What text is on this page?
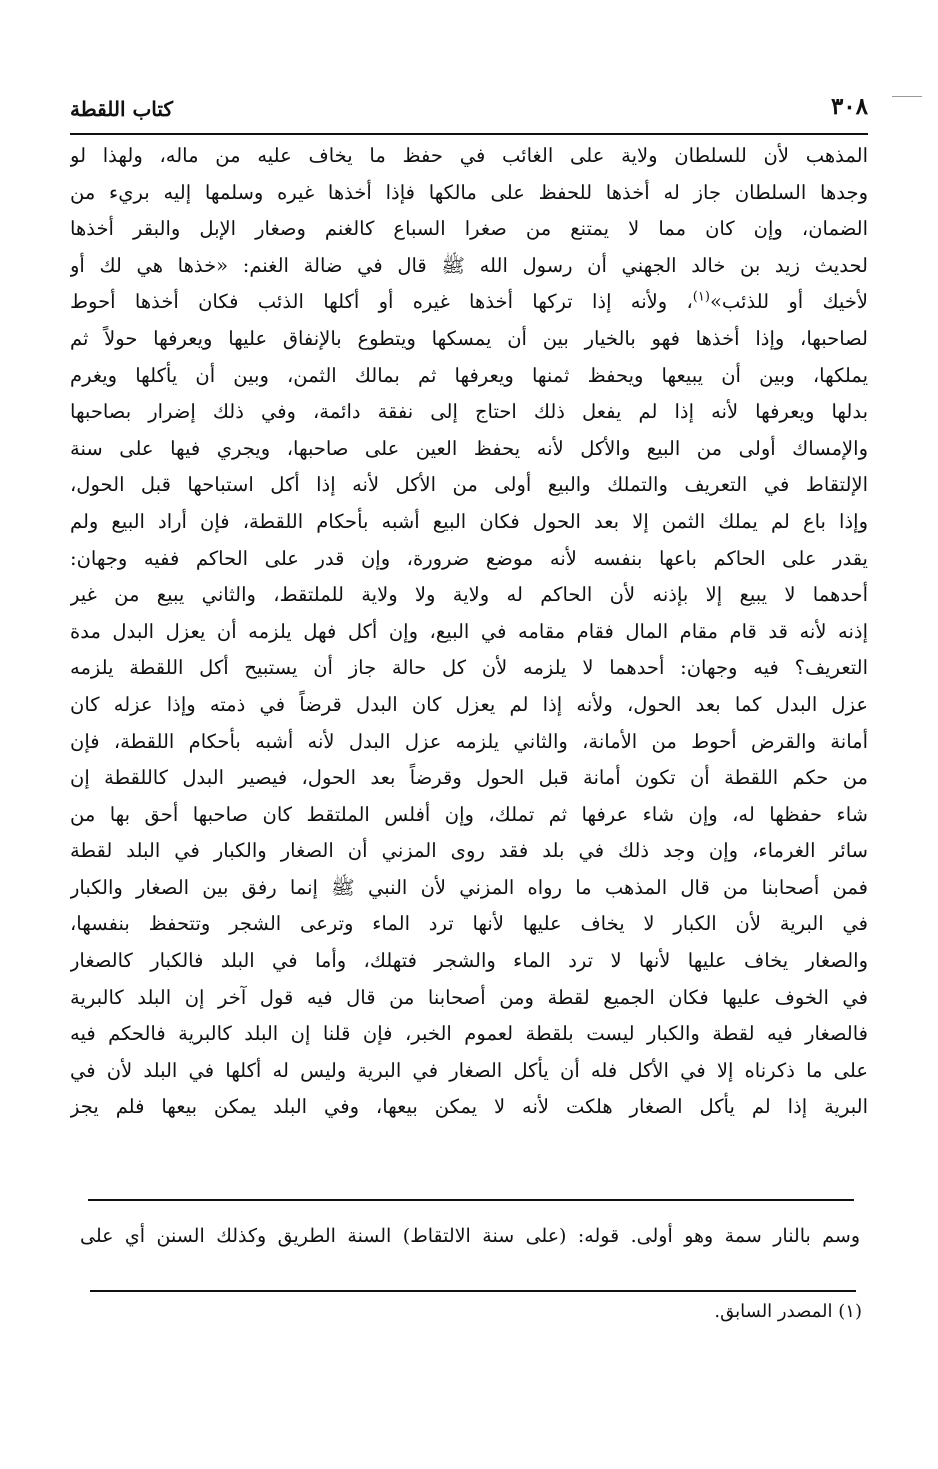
٣٠٨
كتاب اللقطة
المذهب لأن للسلطان ولاية على الغائب في حفظ ما يخاف عليه من ماله، ولهذا لو
وجدها السلطان جاز له أخذها للحفظ على مالكها فإذا أخذها غيره وسلمها إليه بريء من
الضمان، وإن كان مما لا يمتنع من صغرا السباع كالغنم وصغار الإبل والبقر أخذها
لحديث زيد بن خالد الجهني أن رسول الله ﷺ قال في ضالة الغنم: «خذها هي لك أو
لأخيك أو للذئب»$^{(١)}$، ولأنه إذا تركها أخذها غيره أو أكلها الذئب فكان أخذها أحوط
لصاحبها، وإذا أخذها فهو بالخيار بين أن يمسكها ويتطوع بالإنفاق عليها ويعرفها حولاً ثم
يملكها، وبين أن يبيعها ويحفظ ثمنها ويعرفها ثم بمالك الثمن، وبين أن يأكلها ويغرم
بدلها ويعرفها لأنه إذا لم يفعل ذلك احتاج إلى نفقة دائمة، وفي ذلك إضرار بصاحبها
والإمساك أولى من البيع والأكل لأنه يحفظ العين على صاحبها، ويجري فيها على سنة
الإلتقاط في التعريف والتملك والبيع أولى من الأكل لأنه إذا أكل استباحها قبل الحول،
وإذا باع لم يملك الثمن إلا بعد الحول فكان البيع أشبه بأحكام اللقطة، فإن أراد البيع ولم
يقدر على الحاكم باعها بنفسه لأنه موضع ضرورة، وإن قدر على الحاكم ففيه وجهان:
أحدهما لا يبيع إلا بإذنه لأن الحاكم له ولاية ولا ولاية للملتقط، والثاني يبيع من غير
إذنه لأنه قد قام مقام المال فقام مقامه في البيع، وإن أكل فهل يلزمه أن يعزل البدل مدة
التعريف؟ فيه وجهان: أحدهما لا يلزمه لأن كل حالة جاز أن يستبيح أكل اللقطة يلزمه
عزل البدل كما بعد الحول، ولأنه إذا لم يعزل كان البدل قرضاً في ذمته وإذا عزله كان
أمانة والقرض أحوط من الأمانة، والثاني يلزمه عزل البدل لأنه أشبه بأحكام اللقطة، فإن
من حكم اللقطة أن تكون أمانة قبل الحول وقرضاً بعد الحول، فيصير البدل كاللقطة إن
شاء حفظها له، وإن شاء عرفها ثم تملك، وإن أفلس الملتقط كان صاحبها أحق بها من
سائر الغرماء، وإن وجد ذلك في بلد فقد روى المزني أن الصغار والكبار في البلد لقطة
فمن أصحابنا من قال المذهب ما رواه المزني لأن النبي ﷺ إنما رفق بين الصغار والكبار
في البرية لأن الكبار لا يخاف عليها لأنها ترد الماء وترعى الشجر وتتحفظ بنفسها،
والصغار يخاف عليها لأنها لا ترد الماء والشجر فتهلك، وأما في البلد فالكبار كالصغار
في الخوف عليها فكان الجميع لقطة ومن أصحابنا من قال فيه قول آخر إن البلد كالبرية
فالصغار فيه لقطة والكبار ليست بلقطة لعموم الخبر، فإن قلنا إن البلد كالبرية فالحكم فيه
على ما ذكرناه إلا في الأكل فله أن يأكل الصغار في البرية وليس له أكلها في البلد لأن في
البرية إذا لم يأكل الصغار هلكت لأنه لا يمكن بيعها، وفي البلد يمكن بيعها فلم يجز
وسم بالنار سمة وهو أولى. قوله: (على سنة الالتقاط) السنة الطريق وكذلك السنن أي على
(١) المصدر السابق.
